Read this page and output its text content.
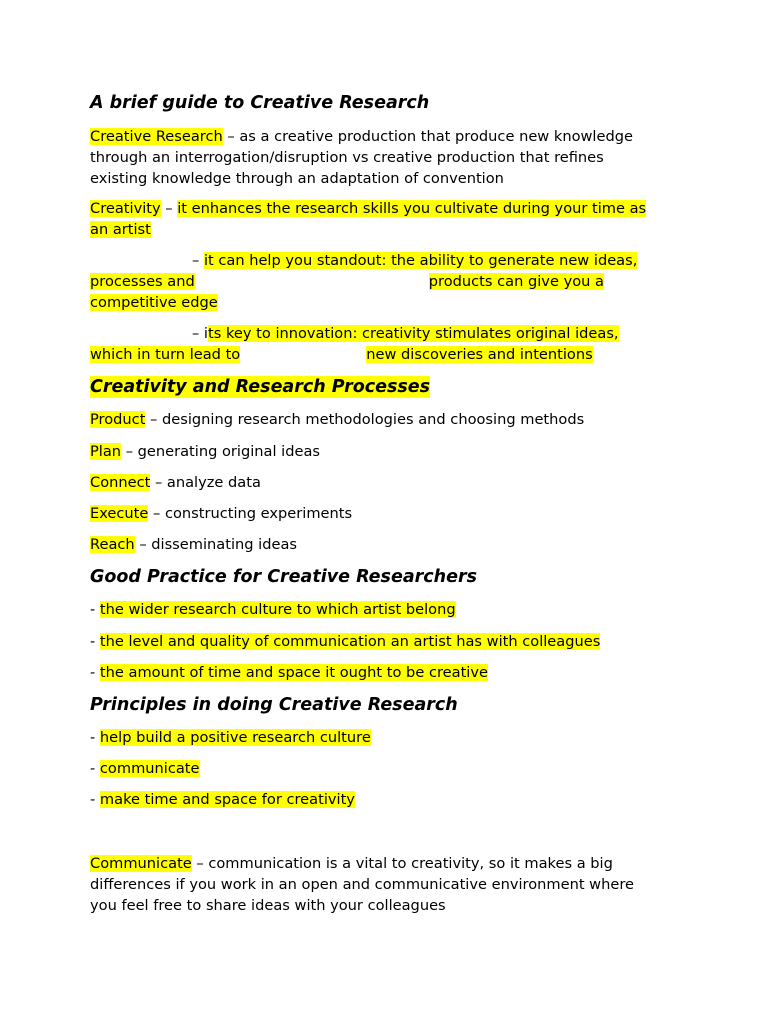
A brief guide to Creative Research

Creative Research – as a creative production that produce new knowledge
through an interrogation/disruption vs creative production that refines
existing knowledge through an adaptation of convention

Creativity – it enhances the research skills you cultivate during your time as
an artist

– it can help you standout: the ability to generate new ideas,
processes and	products can give you a
competitive edge

– its key to innovation: creativity stimulates original ideas,
which in turn lead to	new discoveries and intentions

Creativity and Research Processes

Product – designing research methodologies and choosing methods

Plan – generating original ideas

Connect – analyze data

Execute – constructing experiments

Reach – disseminating ideas

Good Practice for Creative Researchers

- the wider research culture to which artist belong

- the level and quality of communication an artist has with colleagues

- the amount of time and space it ought to be creative

Principles in doing Creative Research

- help build a positive research culture

- communicate

- make time and space for creativity

Communicate – communication is a vital to creativity, so it makes a big
differences if you work in an open and communicative environment where
you feel free to share ideas with your colleagues
